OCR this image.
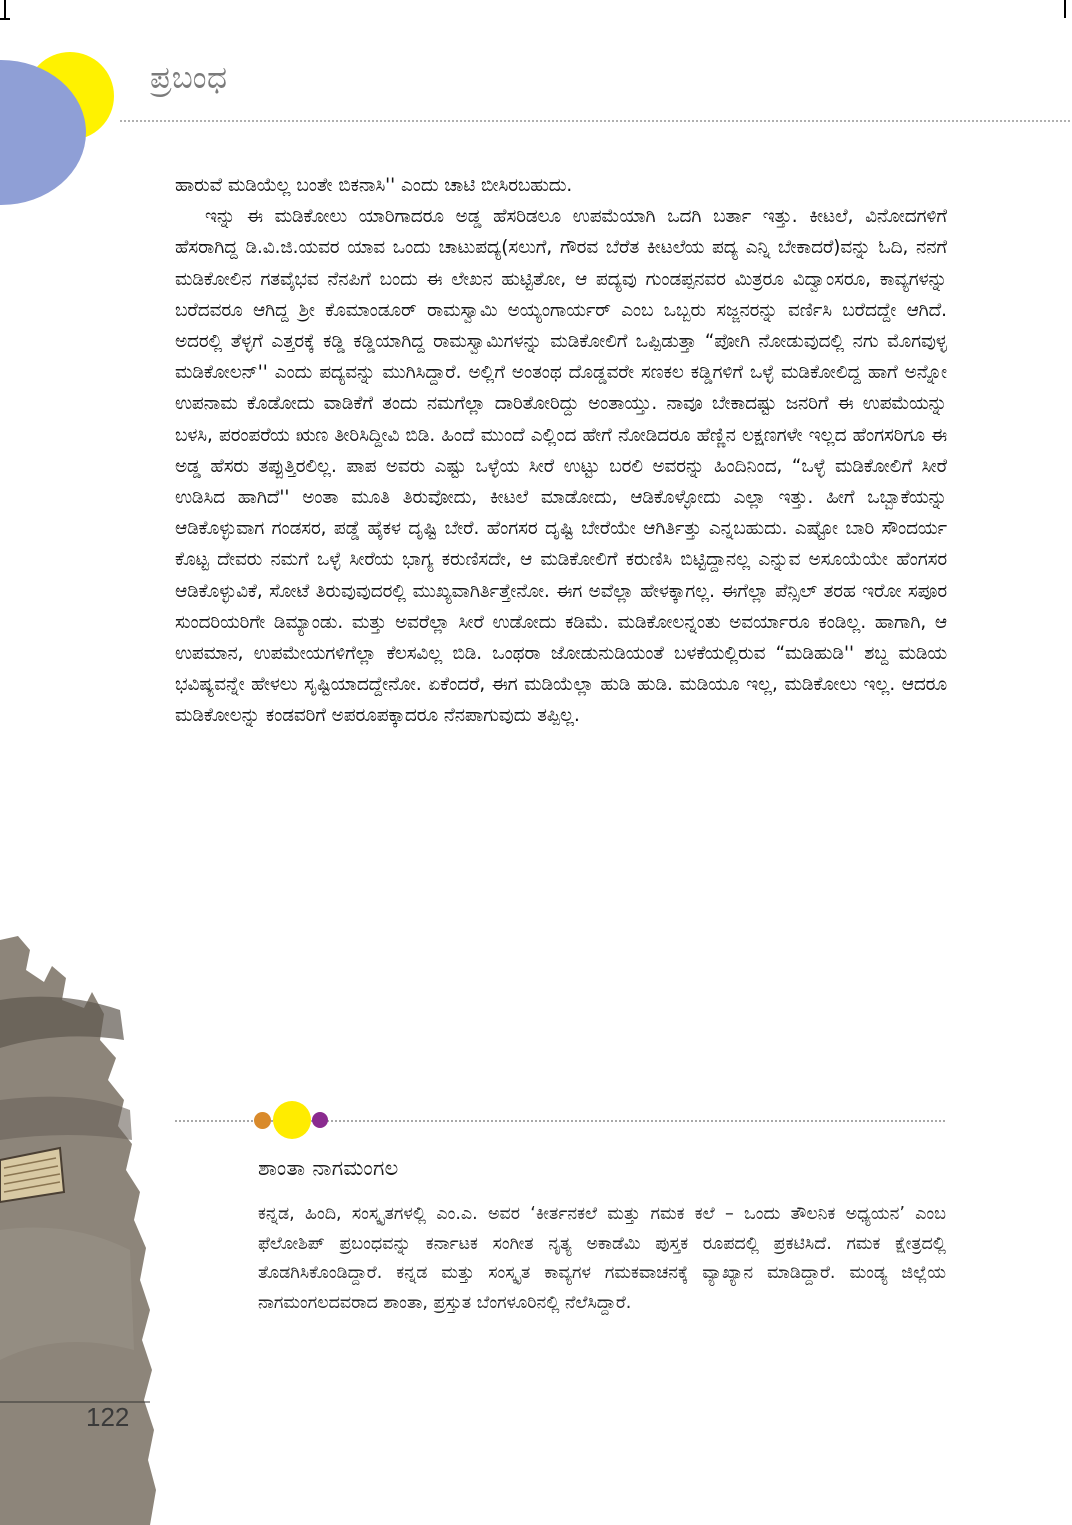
ಪ್ರಬಂಧ

ಹಾರುವೆ ಮಡಿಯೆಲ್ಲ ಬಂತೇ ಬಿಕನಾಸಿ'' ಎಂದು ಚಾಟಿ ಬೀಸಿರಬಹುದು.

ಇನ್ನು ಈ ಮಡಿಕೋಲು ಯಾರಿಗಾದರೂ ಅಡ್ಡ ಹೆಸರಿಡಲೂ ಉಪಮೆಯಾಗಿ ಒದಗಿ ಬರ್ತಾ ಇತ್ತು. ಕೀಟಲೆ, ವಿನೋದಗಳಿಗೆ ಹೆಸರಾಗಿದ್ದ ಡಿ.ವಿ.ಜಿ.ಯವರ ಯಾವ ಒಂದು ಚಾಟುಪದ್ಯ(ಸಲುಗೆ, ಗೌರವ ಬೆರೆತ ಕೀಟಲೆಯ ಪದ್ಯ ಎನ್ನಿ ಬೇಕಾದರೆ)ವನ್ನು ಓದಿ, ನನಗೆ ಮಡಿಕೋಲಿನ ಗತವೈಭವ ನೆನಪಿಗೆ ಬಂದು ಈ ಲೇಖನ ಹುಟ್ಟಿತೋ, ಆ ಪದ್ಯವು ಗುಂಡಪ್ಪನವರ ಮಿತ್ರರೂ ವಿದ್ವಾಂಸರೂ, ಕಾವ್ಯಗಳನ್ನು ಬರೆದವರೂ ಆಗಿದ್ದ ಶ್ರೀ ಕೊಮಾಂಡೂರ್ ರಾಮಸ್ವಾಮಿ ಅಯ್ಯಂಗಾರ್ಯರ್ ಎಂಬ ಒಬ್ಬರು ಸಜ್ಜನರನ್ನು ವರ್ಣಿಸಿ ಬರೆದದ್ದೇ ಆಗಿದೆ. ಅದರಲ್ಲಿ ತೆಳ್ಳಗೆ ಎತ್ತರಕ್ಕೆ ಕಡ್ಡಿ ಕಡ್ಡಿಯಾಗಿದ್ದ ರಾಮಸ್ವಾಮಿಗಳನ್ನು ಮಡಿಕೋಲಿಗೆ ಒಪ್ಪಿಡುತ್ತಾ “ಪೋಗಿ ನೋಡುವುದಲ್ಲಿ ನಗು ಮೊಗವುಳ್ಳ ಮಡಿಕೋಲನ್'' ಎಂದು ಪದ್ಯವನ್ನು ಮುಗಿಸಿದ್ದಾರೆ. ಅಲ್ಲಿಗೆ ಅಂತಂಥ ದೊಡ್ಡವರೇ ಸಣಕಲ ಕಡ್ಡಿಗಳಿಗೆ ಒಳ್ಳೆ ಮಡಿಕೋಲಿದ್ದ ಹಾಗೆ ಅನ್ನೋ ಉಪನಾಮ ಕೊಡೋದು ವಾಡಿಕೆಗೆ ತಂದು ನಮಗೆಲ್ಲಾ ದಾರಿತೋರಿದ್ದು ಅಂತಾಯ್ತು. ನಾವೂ ಬೇಕಾದಷ್ಟು ಜನರಿಗೆ ಈ ಉಪಮೆಯನ್ನು ಬಳಸಿ, ಪರಂಪರೆಯ ಋಣ ತೀರಿಸಿದ್ದೀವಿ ಬಿಡಿ. ಹಿಂದೆ ಮುಂದೆ ಎಲ್ಲಿಂದ ಹೇಗೆ ನೋಡಿದರೂ ಹೆಣ್ಣಿನ ಲಕ್ಷಣಗಳೇ ಇಲ್ಲದ ಹೆಂಗಸರಿಗೂ ಈ ಅಡ್ಡ ಹೆಸರು ತಪ್ಪುತ್ತಿರಲಿಲ್ಲ. ಪಾಪ ಅವರು ಎಷ್ಟು ಒಳ್ಳೆಯ ಸೀರೆ ಉಟ್ಟು ಬರಲಿ ಅವರನ್ನು ಹಿಂದಿನಿಂದ, “ಒಳ್ಳೆ ಮಡಿಕೋಲಿಗೆ ಸೀರೆ ಉಡಿಸಿದ ಹಾಗಿದೆ'' ಅಂತಾ ಮೂತಿ ತಿರುವೋದು, ಕೀಟಲೆ ಮಾಡೋದು, ಆಡಿಕೊಳ್ಳೋದು ಎಲ್ಲಾ ಇತ್ತು. ಹೀಗೆ ಒಬ್ಬಾಕೆಯನ್ನು ಆಡಿಕೊಳ್ಳುವಾಗ ಗಂಡಸರ, ಪಡ್ಡೆ ಹೈಕಳ ದೃಷ್ಟಿ ಬೇರೆ. ಹೆಂಗಸರ ದೃಷ್ಟಿ ಬೇರೆಯೇ ಆಗಿರ್ತಿತ್ತು ಎನ್ನಬಹುದು. ಎಷ್ಟೋ ಬಾರಿ ಸೌಂದರ್ಯ ಕೊಟ್ಟ ದೇವರು ನಮಗೆ ಒಳ್ಳೆ ಸೀರೆಯ ಭಾಗ್ಯ ಕರುಣಿಸದೇ, ಆ ಮಡಿಕೋಲಿಗೆ ಕರುಣಿಸಿ ಬಿಟ್ಟಿದ್ದಾನಲ್ಲ ಎನ್ನುವ ಅಸೂಯೆಯೇ ಹೆಂಗಸರ ಆಡಿಕೊಳ್ಳುವಿಕೆ, ಸೋಟೆ ತಿರುವುವುದರಲ್ಲಿ ಮುಖ್ಯವಾಗಿರ್ತಿತ್ತೇನೋ. ಈಗ ಅವೆಲ್ಲಾ ಹೇಳಕ್ಕಾಗಲ್ಲ. ಈಗೆಲ್ಲಾ ಪೆನ್ಸಿಲ್ ತರಹ ಇರೋ ಸಪೂರ ಸುಂದರಿಯರಿಗೇ ಡಿಮ್ಯಾಂಡು. ಮತ್ತು ಅವರೆಲ್ಲಾ ಸೀರೆ ಉಡೋದು ಕಡಿಮೆ. ಮಡಿಕೋಲನ್ನಂತು ಅವರ್ಯಾರೂ ಕಂಡಿಲ್ಲ. ಹಾಗಾಗಿ, ಆ ಉಪಮಾನ, ಉಪಮೇಯಗಳಿಗೆಲ್ಲಾ ಕೆಲಸವಿಲ್ಲ ಬಿಡಿ. ಒಂಥರಾ ಜೋಡುನುಡಿಯಂತೆ ಬಳಕೆಯಲ್ಲಿರುವ “ಮಡಿಹುಡಿ'' ಶಬ್ದ ಮಡಿಯ ಭವಿಷ್ಯವನ್ನೇ ಹೇಳಲು ಸೃಷ್ಟಿಯಾದದ್ದೇನೋ. ಏಕೆಂದರೆ, ಈಗ ಮಡಿಯೆಲ್ಲಾ ಹುಡಿ ಹುಡಿ. ಮಡಿಯೂ ಇಲ್ಲ, ಮಡಿಕೋಲು ಇಲ್ಲ. ಆದರೂ ಮಡಿಕೋಲನ್ನು ಕಂಡವರಿಗೆ ಅಪರೂಪಕ್ಕಾದರೂ ನೆನಪಾಗುವುದು ತಪ್ಪಿಲ್ಲ.

122
ಶಾಂತಾ ನಾಗಮಂಗಲ

ಕನ್ನಡ, ಹಿಂದಿ, ಸಂಸ್ಕೃತಗಳಲ್ಲಿ ಎಂ.ಎ. ಅವರ ‘ಕೀರ್ತನಕಲೆ ಮತ್ತು ಗಮಕ ಕಲೆ – ಒಂದು ತೌಲನಿಕ ಅಧ್ಯಯನ’ ಎಂಬ ಫೆಲೋಶಿಪ್ ಪ್ರಬಂಧವನ್ನು ಕರ್ನಾಟಕ ಸಂಗೀತ ನೃತ್ಯ ಅಕಾಡೆಮಿ ಪುಸ್ತಕ ರೂಪದಲ್ಲಿ ಪ್ರಕಟಿಸಿದೆ. ಗಮಕ ಕ್ಷೇತ್ರದಲ್ಲಿ ತೊಡಗಿಸಿಕೊಂಡಿದ್ದಾರೆ. ಕನ್ನಡ ಮತ್ತು ಸಂಸ್ಕೃತ ಕಾವ್ಯಗಳ ಗಮಕವಾಚನಕ್ಕೆ ವ್ಯಾಖ್ಯಾನ ಮಾಡಿದ್ದಾರೆ. ಮಂಡ್ಯ ಜಿಲ್ಲೆಯ ನಾಗಮಂಗಲದವರಾದ ಶಾಂತಾ, ಪ್ರಸ್ತುತ ಬೆಂಗಳೂರಿನಲ್ಲಿ ನೆಲೆಸಿದ್ದಾರೆ.
